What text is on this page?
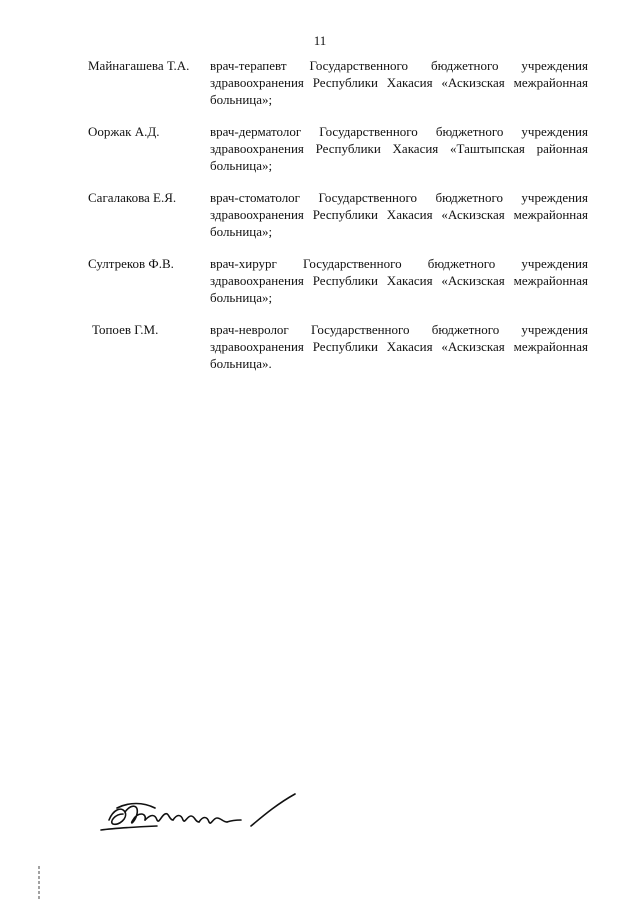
11
Майнагашева Т.А.	врач-терапевт Государственного бюджетного учреждения здравоохранения Республики Хакасия «Аскизская межрайонная больница»;
Ооржак А.Д.	врач-дерматолог Государственного бюджетного учреждения здравоохранения Республики Хакасия «Таштыпская районная больница»;
Сагалакова Е.Я.	врач-стоматолог Государственного бюджетного учреждения здравоохранения Республики Хакасия «Аскизская межрайонная больница»;
Султреков Ф.В.	врач-хирург Государственного бюджетного учреждения здравоохранения Республики Хакасия «Аскизская межрайонная больница»;
Топоев Г.М.	врач-невролог Государственного бюджетного учреждения здравоохранения Республики Хакасия «Аскизская межрайонная больница».
